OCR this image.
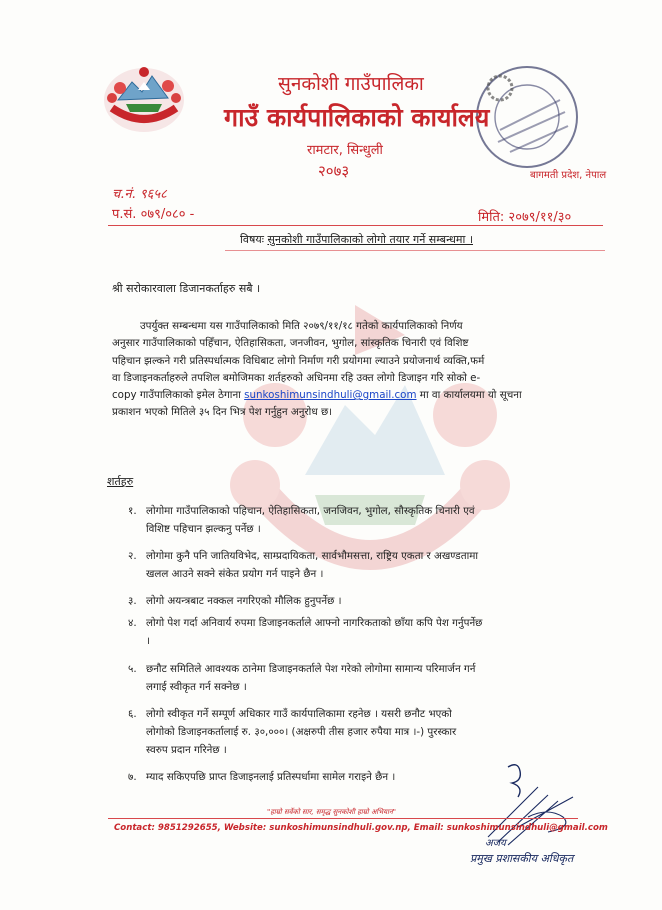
सुनकोशी गाउँपालिका
गाउँ कार्यपालिकाको कार्यालय
रामटार, सिन्धुली
२०७३	बागमती प्रदेश, नेपाल
च.नं. ९६५८
प.सं. ०७९/०८० -	मिति: २०७९/११/३०
विषयः सुनकोशी गाउँपालिकाको लोगो तयार गर्ने सम्बन्धमा ।
श्री सरोकारवाला डिजानकर्ताहरु सबै ।
उपर्युक्त सम्बन्धमा यस गाउँपालिकाको मिति २०७९/११/१८ गतेको कार्यपालिकाको निर्णय
अनुसार गाउँपालिकाको पहिँचान, ऐतिहासिकता, जनजीवन, भुगोल, सांस्कृतिक चिनारी एवं विशिष्ट
पहिचान झल्कने गरी प्रतिस्पर्धात्मक विधिबाट लोगो निर्माण गरी प्रयोगमा ल्याउने प्रयोजनार्थ व्यक्ति,फर्म
वा डिजाइनकर्ताहरुले तपशिल बमोजिमका शर्तहरुको अधिनमा रहि उक्त लोगो डिजाइन गरि सोको e-
copy गाउँपालिकाको इमेल ठेगाना sunkoshimunsindhuli@gmail.com मा वा कार्यालयमा यो सूचना
प्रकाशन भएको मितिले ३५ दिन भित्र पेश गर्नुहुन अनुरोध छ।
शर्तहरु
१. लोगोमा गाउँपालिकाको पहिचान, ऐतिहासिकता, जनजिवन, भुगोल, सौस्कृतिक चिनारी एवं
विशिष्ट पहिचान झल्कनु पर्नेछ ।
२. लोगोमा कुनै पनि जातियविभेद, साम्प्रदायिकता, सार्वभौमसत्ता, राष्ट्रिय एकता र अखण्डतामा
खलल आउने सक्ने संकेत प्रयोग गर्न पाइने छैन ।
३. लोगो अयन्त्रबाट नक्कल नगरिएको मौलिक हुनुपर्नेछ ।
४. लोगो पेश गर्दा अनिवार्य रुपमा डिजाइनकर्ताले आफ्नो नागरिकताको छाँया कपि पेश गर्नुपर्नेछ
।
५. छनौट समितिले आवश्यक ठानेमा डिजाइनकर्ताले पेश गरेको लोगोमा सामान्य परिमार्जन गर्न
लगाई स्वीकृत गर्न सक्नेछ ।
६. लोगो स्वीकृत गर्ने सम्पूर्ण अधिकार गाउँ कार्यपालिकामा रहनेछ । यसरी छनौट भएको
लोगोको डिजाइनकर्तालाई रु. ३०,०००। (अक्षरुपी तीस हजार रुपैया मात्र ।-) पुरस्कार
स्वरुप प्रदान गरिनेछ ।
७. म्याद सकिएपछि प्राप्त डिजाइनलाई प्रतिस्पर्धामा सामेल गराइने छैन ।
अजय
प्रमुख प्रशासकीय अधिकृत
"हाम्रो सर्वेको सार, समृद्ध सुनकोशी हाम्रो अभियान"
Contact: 9851292655, Website: sunkoshimunsindhuli.gov.np, Email: sunkoshimunsindhuli@gmail.com
